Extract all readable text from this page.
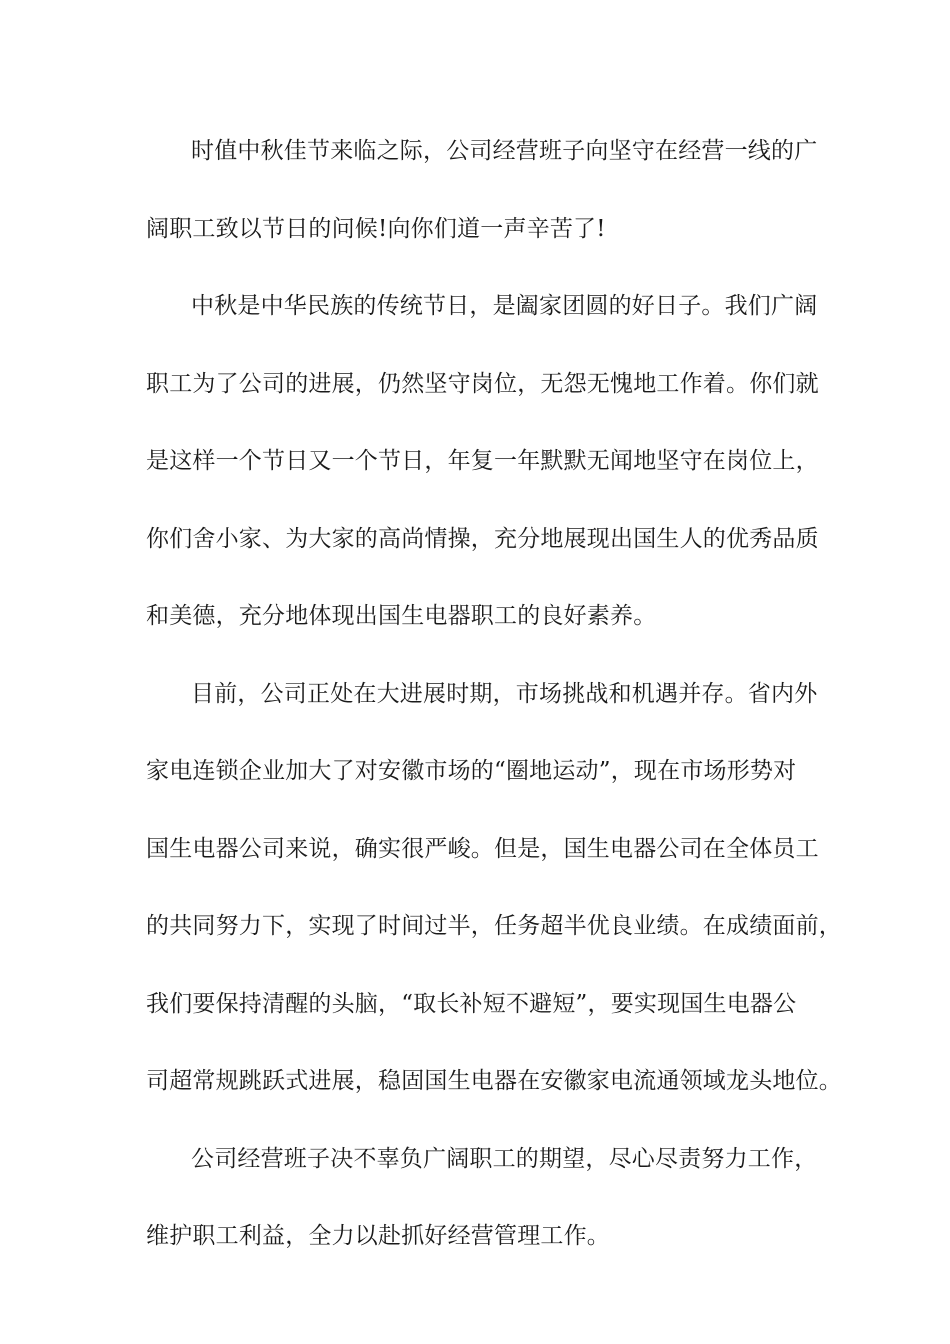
时值中秋佳节来临之际，公司经营班子向坚守在经营一线的广
阔职工致以节日的问候!向你们道一声辛苦了!
中秋是中华民族的传统节日，是阖家团圆的好日子。我们广阔
职工为了公司的进展，仍然坚守岗位，无怨无愧地工作着。你们就
是这样一个节日又一个节日，年复一年默默无闻地坚守在岗位上，
你们舍小家、为大家的高尚情操，充分地展现出国生人的优秀品质
和美德，充分地体现出国生电器职工的良好素养。
目前，公司正处在大进展时期，市场挑战和机遇并存。省内外
家电连锁企业加大了对安徽市场的“圈地运动”，现在市场形势对
国生电器公司来说，确实很严峻。但是，国生电器公司在全体员工
的共同努力下，实现了时间过半，任务超半优良业绩。在成绩面前，
我们要保持清醒的头脑，“取长补短不避短”，要实现国生电器公
司超常规跳跃式进展，稳固国生电器在安徽家电流通领域龙头地位。
公司经营班子决不辜负广阔职工的期望，尽心尽责努力工作，
维护职工利益，全力以赴抓好经营管理工作。
